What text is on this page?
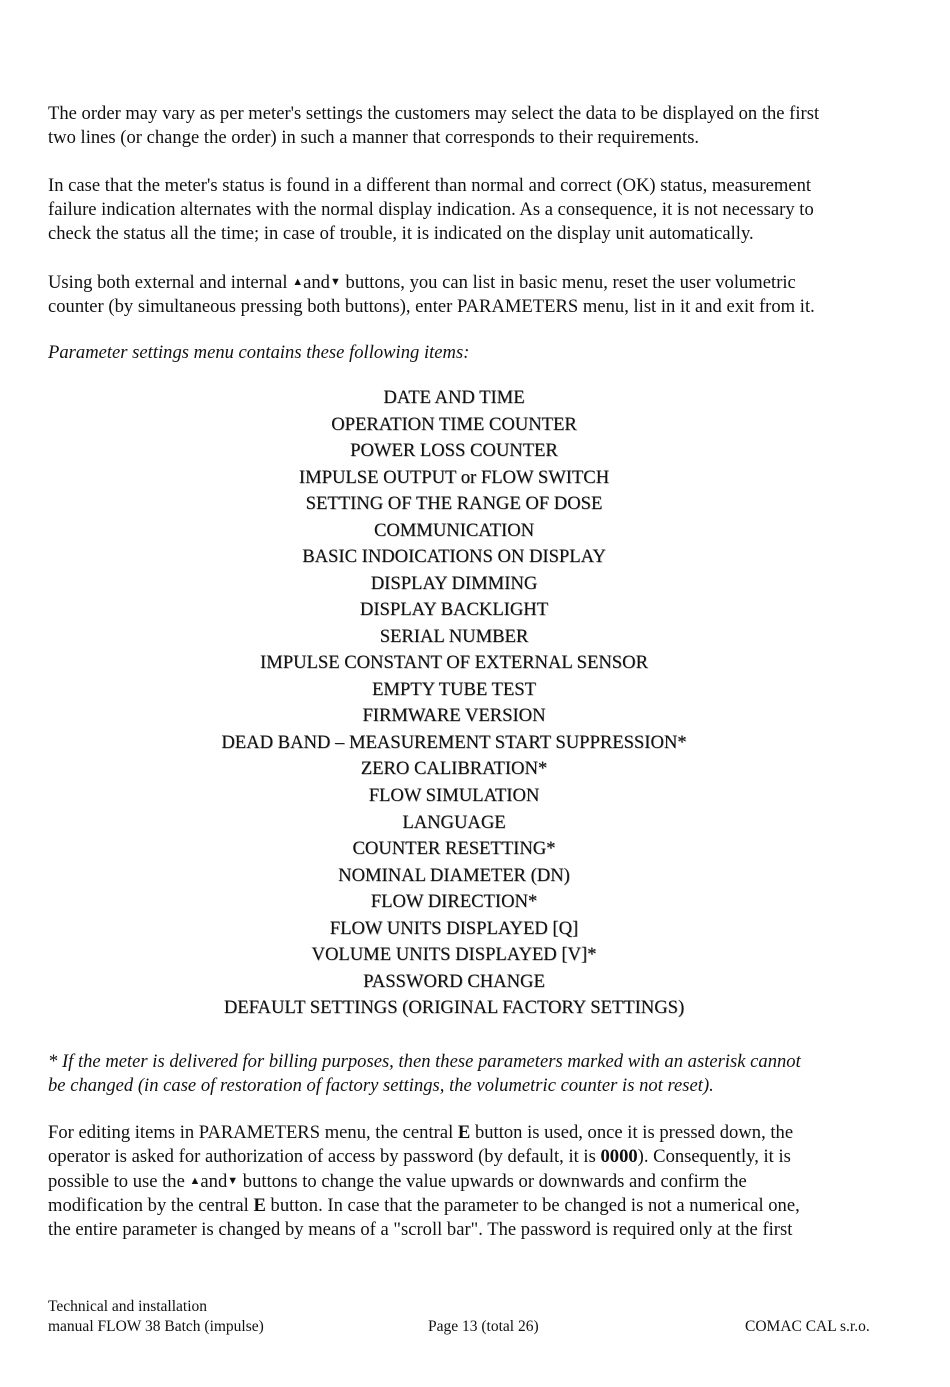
The order may vary as per meter's settings the customers may select the data to be displayed on the first
two lines (or change the order) in such a manner that corresponds to their requirements.

In case that the meter's status is found in a different than normal and correct (OK) status, measurement
failure indication alternates with the normal display indication. As a consequence, it is not necessary to
check the status all the time; in case of trouble, it is indicated on the display unit automatically.

Using both external and internal ▲and▼ buttons, you can list in basic menu, reset the user volumetric
counter (by simultaneous pressing both buttons), enter PARAMETERS menu, list in it and exit from it.

Parameter settings menu contains these following items:

DATE AND TIME
OPERATION TIME COUNTER
POWER LOSS COUNTER
IMPULSE OUTPUT or FLOW SWITCH
SETTING OF THE RANGE OF DOSE
COMMUNICATION
BASIC INDOICATIONS ON DISPLAY
DISPLAY DIMMING
DISPLAY BACKLIGHT
SERIAL NUMBER
IMPULSE CONSTANT OF EXTERNAL SENSOR
EMPTY TUBE TEST
FIRMWARE VERSION
DEAD BAND – MEASUREMENT START SUPPRESSION*
ZERO CALIBRATION*
FLOW SIMULATION
LANGUAGE
COUNTER RESETTING*
NOMINAL DIAMETER (DN)
FLOW DIRECTION*
FLOW UNITS DISPLAYED [Q]
VOLUME UNITS DISPLAYED [V]*
PASSWORD CHANGE
DEFAULT SETTINGS (ORIGINAL FACTORY SETTINGS)

* If the meter is delivered for billing purposes, then these parameters marked with an asterisk cannot
be changed (in case of restoration of factory settings, the volumetric counter is not reset).

For editing items in PARAMETERS menu, the central E button is used, once it is pressed down, the
operator is asked for authorization of access by password (by default, it is 0000). Consequently, it is
possible to use the ▲and▼ buttons to change the value upwards or downwards and confirm the
modification by the central E button. In case that the parameter to be changed is not a numerical one,
the entire parameter is changed by means of a "scroll bar". The password is required only at the first

Technical and installation
manual FLOW 38 Batch (impulse)	Page 13 (total 26)	COMAC CAL s.r.o.
